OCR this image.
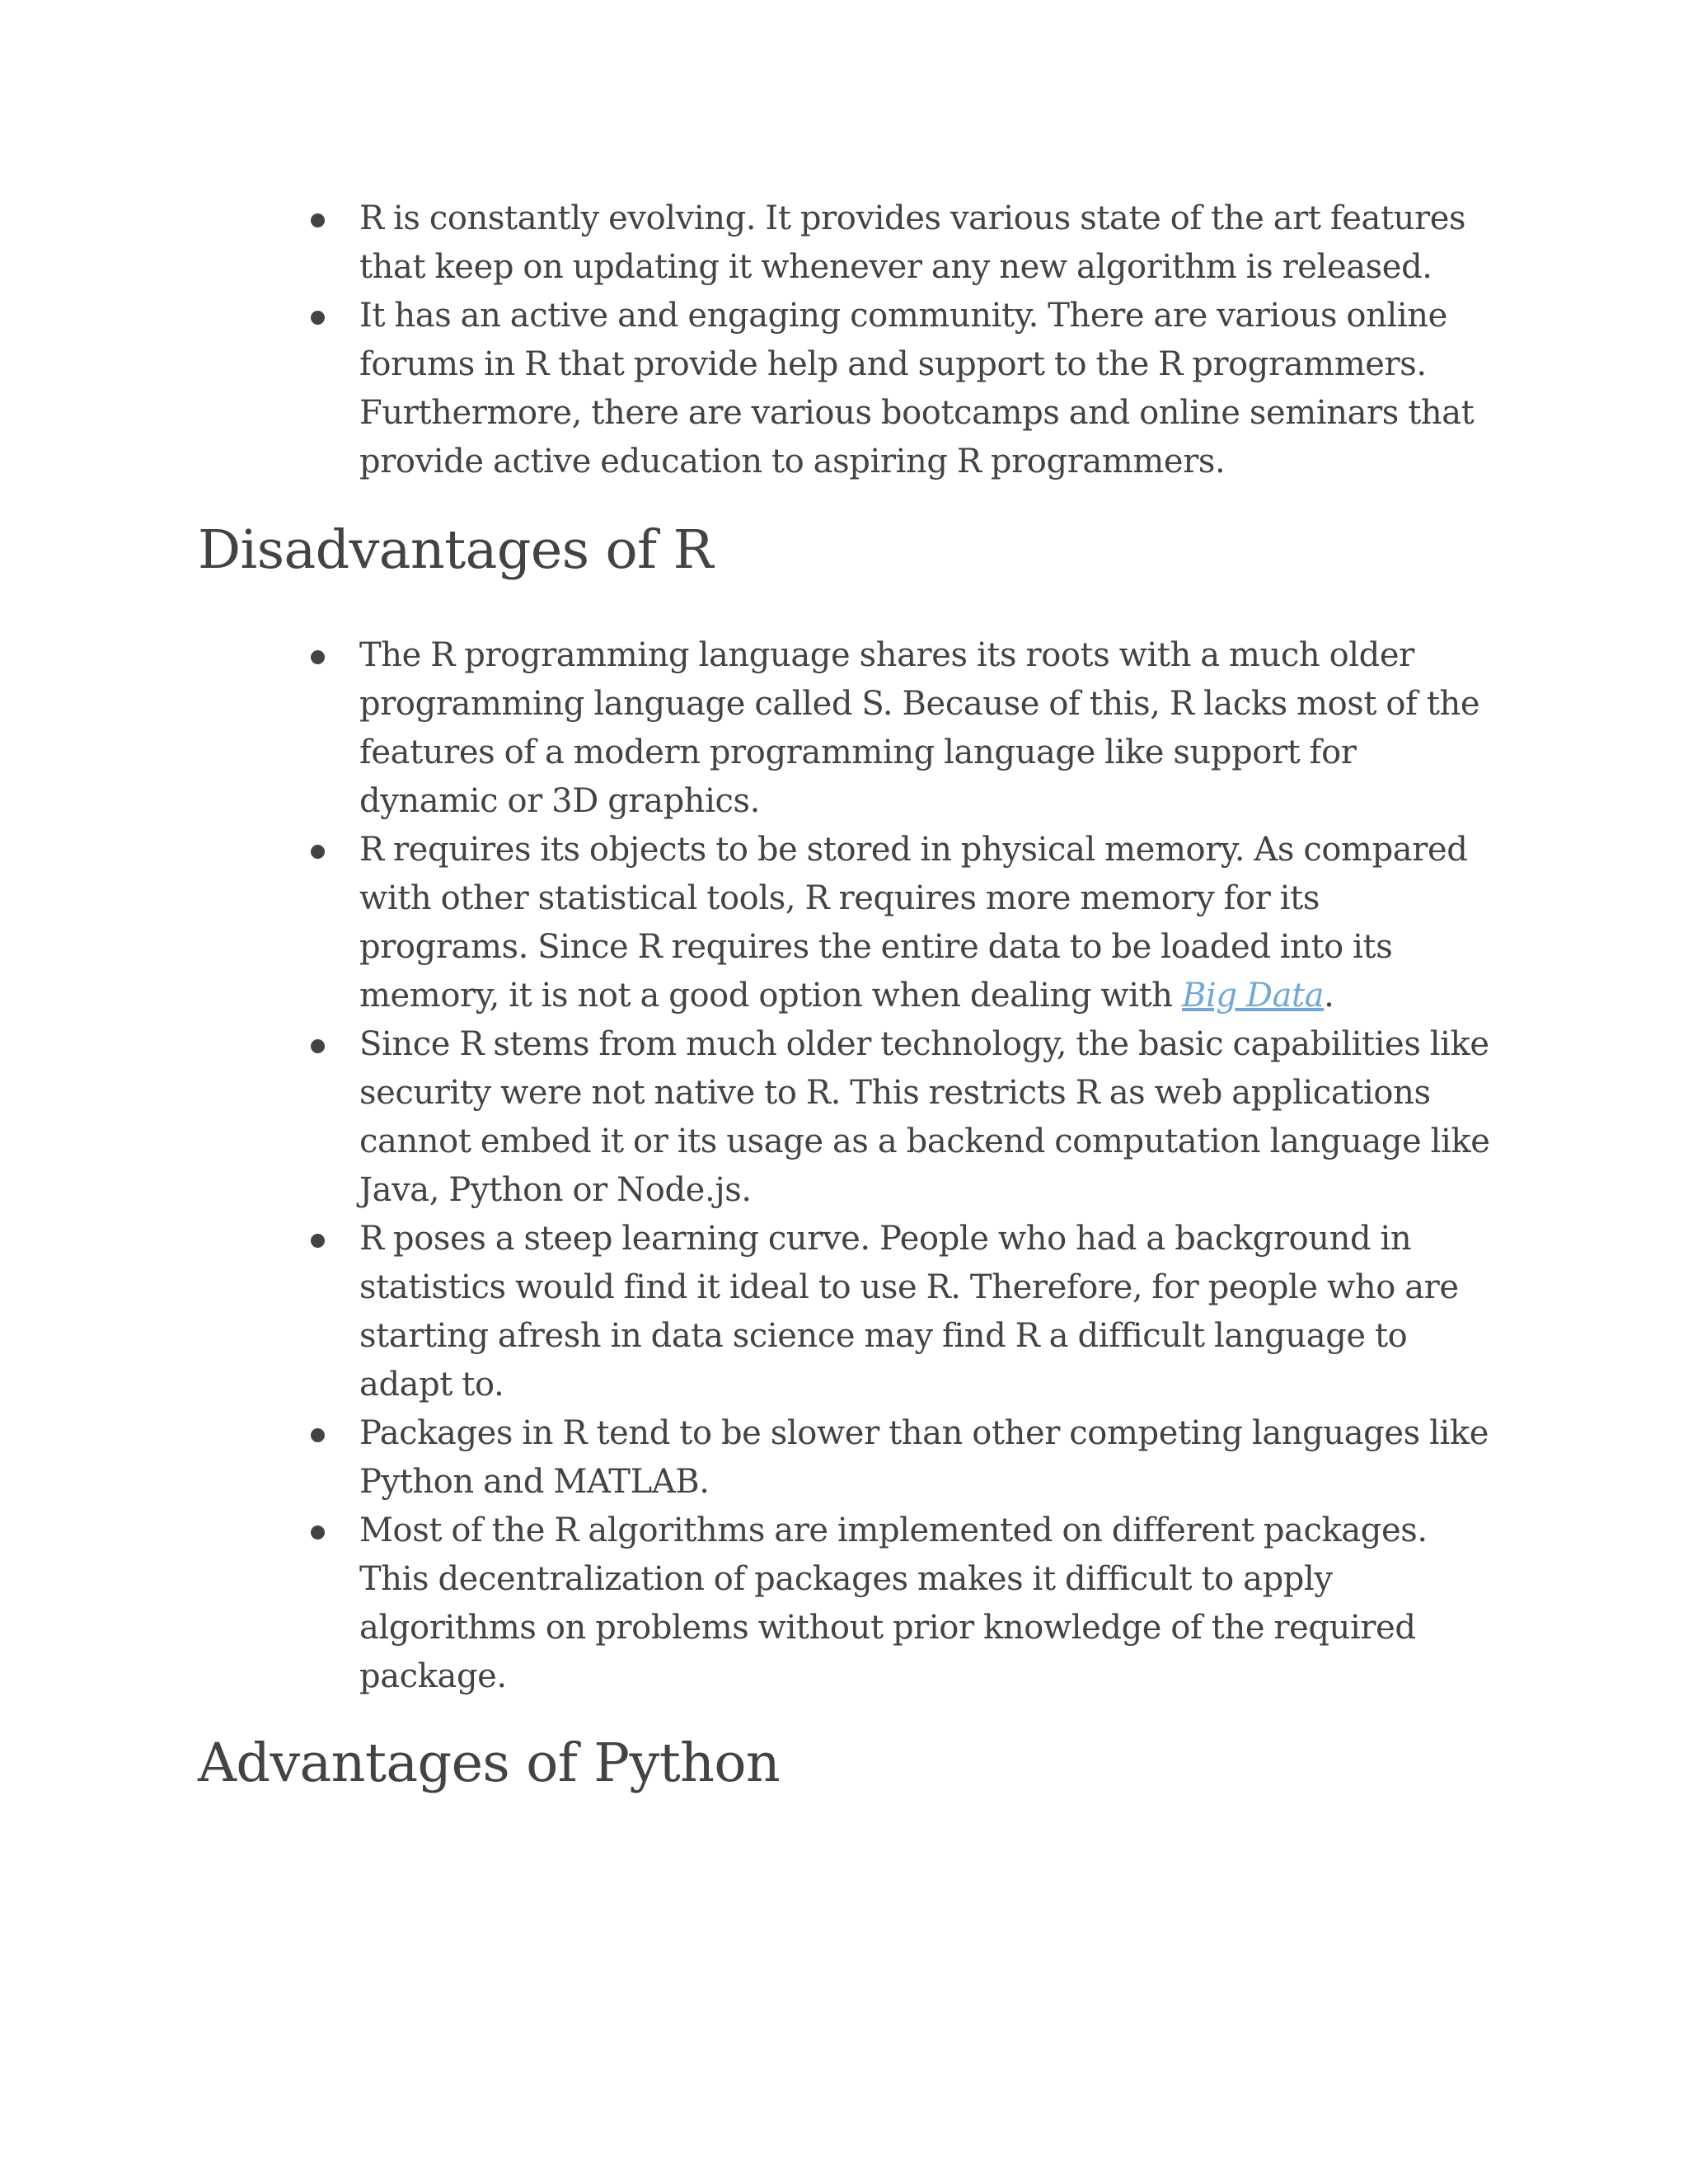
R is constantly evolving. It provides various state of the art features that keep on updating it whenever any new algorithm is released.
It has an active and engaging community. There are various online forums in R that provide help and support to the R programmers. Furthermore, there are various bootcamps and online seminars that provide active education to aspiring R programmers.
Disadvantages of R
The R programming language shares its roots with a much older programming language called S. Because of this, R lacks most of the features of a modern programming language like support for dynamic or 3D graphics.
R requires its objects to be stored in physical memory. As compared with other statistical tools, R requires more memory for its programs. Since R requires the entire data to be loaded into its memory, it is not a good option when dealing with Big Data.
Since R stems from much older technology, the basic capabilities like security were not native to R. This restricts R as web applications cannot embed it or its usage as a backend computation language like Java, Python or Node.js.
R poses a steep learning curve. People who had a background in statistics would find it ideal to use R. Therefore, for people who are starting afresh in data science may find R a difficult language to adapt to.
Packages in R tend to be slower than other competing languages like Python and MATLAB.
Most of the R algorithms are implemented on different packages. This decentralization of packages makes it difficult to apply algorithms on problems without prior knowledge of the required package.
Advantages of Python
